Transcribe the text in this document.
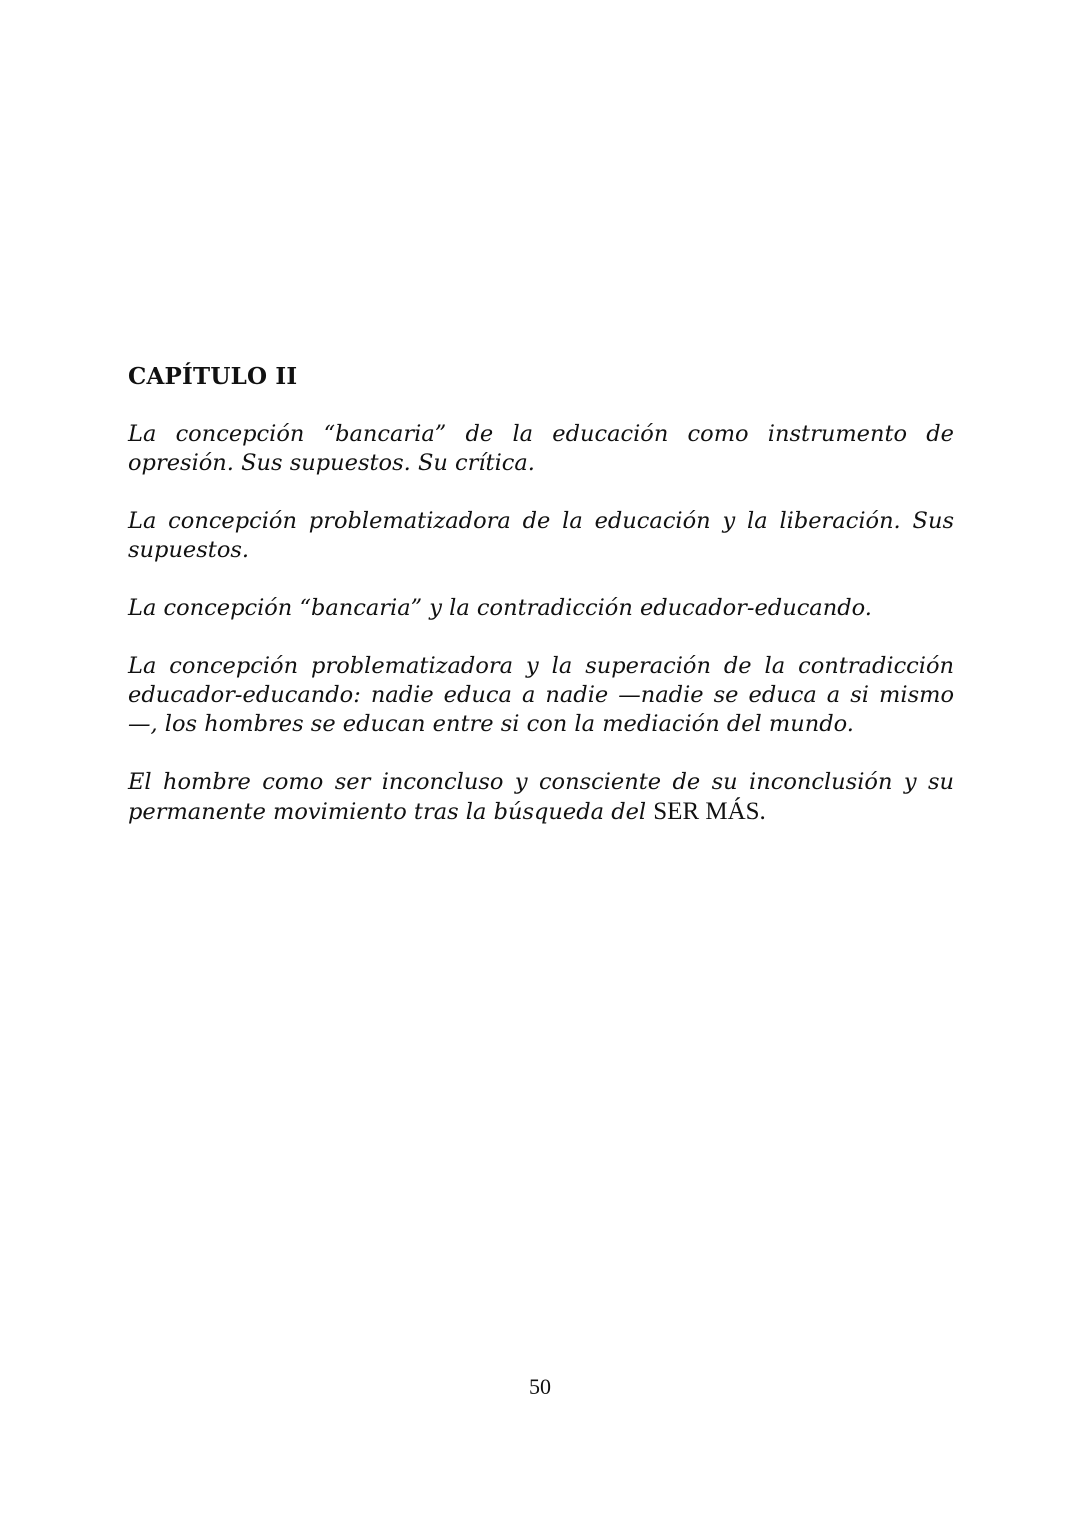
CAPÍTULO II

La concepción “bancaria” de la educación como instrumento de opresión. Sus supuestos. Su crítica.

La concepción problematizadora de la educación y la liberación. Sus supuestos.

La concepción “bancaria” y la contradicción educador-educando.

La concepción problematizadora y la superación de la contradicción educador-educando: nadie educa a nadie —nadie se educa a si mismo—, los hombres se educan entre si con la mediación del mundo.

El hombre como ser inconcluso y consciente de su inconclusión y su permanente movimiento tras la búsqueda del SER MÁS.

50
